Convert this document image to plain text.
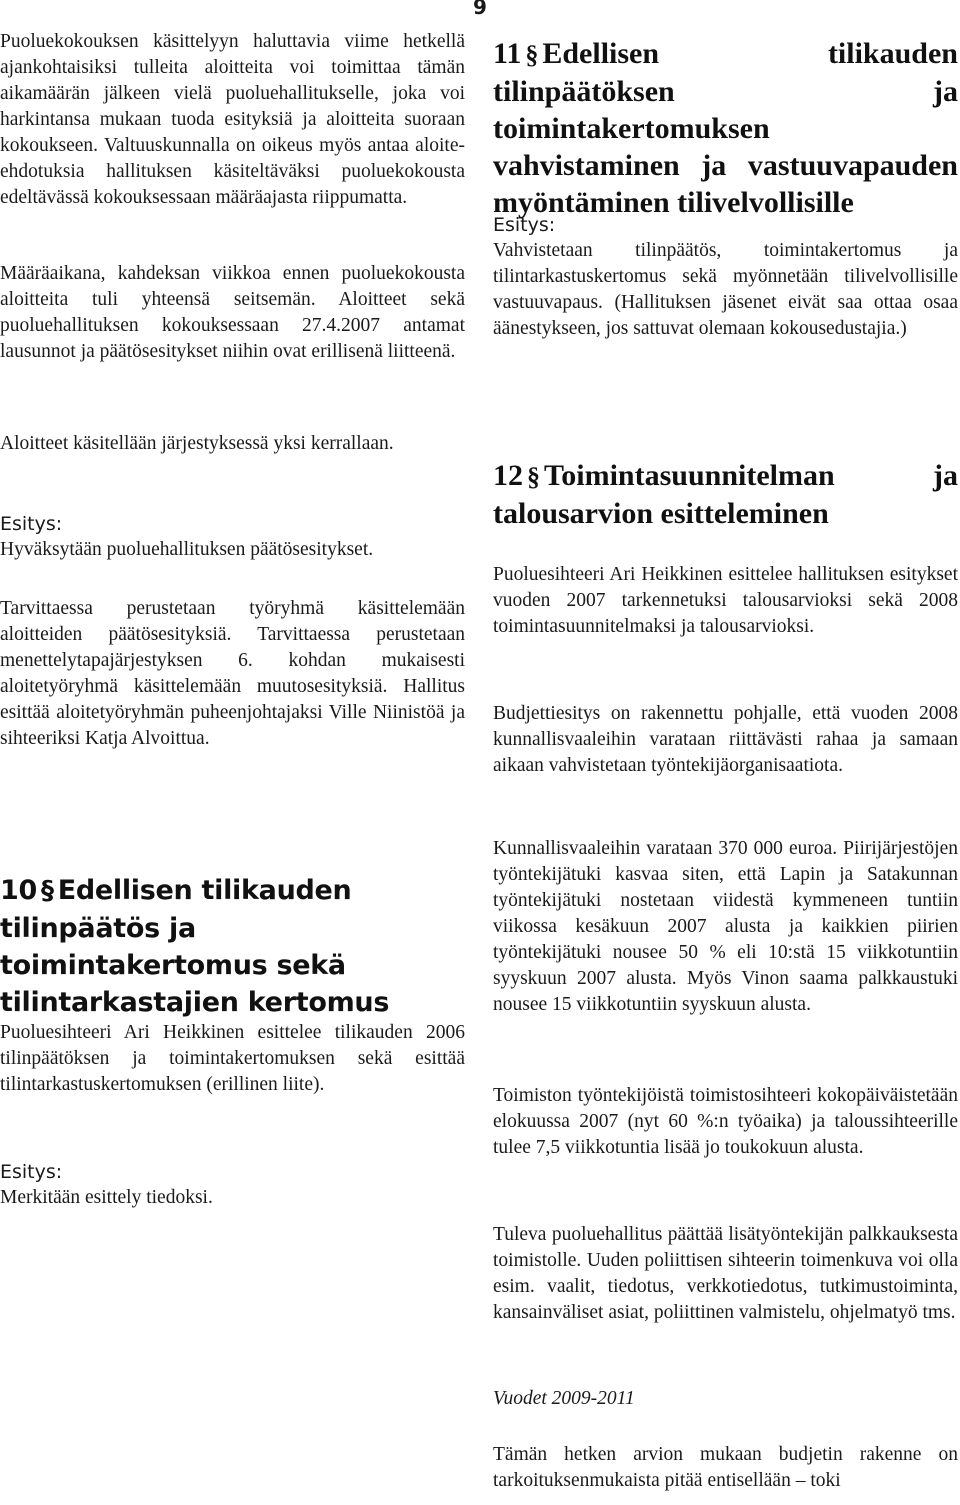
9

Puoluekokouksen käsittelyyn haluttavia viime hetkellä ajankohtaisiksi tulleita aloitteita voi toimittaa tämän aikamäärän jälkeen vielä puoluehallitukselle, joka voi harkintansa mukaan tuoda esityksiä ja aloitteita suoraan kokoukseen. Valtuuskunnalla on oikeus myös antaa aloite-ehdotuksia hallituksen käsiteltäväksi puoluekokousta edeltävässä kokouksessaan määräajasta riippumatta.

Määräaikana, kahdeksan viikkoa ennen puoluekokousta aloitteita tuli yhteensä seitsemän. Aloitteet sekä puoluehallituksen kokouksessaan 27.4.2007 antamat lausunnot ja päätösesitykset niihin ovat erillisenä liitteenä.

Aloitteet käsitellään järjestyksessä yksi kerrallaan.

Esitys:

Hyväksytään puoluehallituksen päätösesitykset.

Tarvittaessa perustetaan työryhmä käsittelemään aloitteiden päätösesityksiä. Tarvittaessa perustetaan menettelytapajärjestyksen 6. kohdan mukaisesti aloitetyöryhmä käsittelemään muutosesityksiä. Hallitus esittää aloitetyöryhmän puheenjohtajaksi Ville Niinistöä ja sihteeriksi Katja Alvoittua.

10 § Edellisen tilikauden tilinpäätös ja toimintakertomus sekä tilintarkastajien kertomus

Puoluesihteeri Ari Heikkinen esittelee tilikauden 2006 tilinpäätöksen ja toimintakertomuksen sekä esittää tilintarkastuskertomuksen (erillinen liite).

Esitys:

Merkitään esittely tiedoksi.

11 § Edellisen tilikauden tilinpäätöksen ja toimintakertomuksen vahvistaminen ja vastuuvapauden myöntäminen tilivelvollisille

Esitys:

Vahvistetaan tilinpäätös, toimintakertomus ja tilintarkastuskertomus sekä myönnetään tilivelvollisille vastuuvapaus. (Hallituksen jäsenet eivät saa ottaa osaa äänestykseen, jos sattuvat olemaan kokousedustajia.)

12 § Toimintasuunnitelman ja talousarvion esitteleminen

Puoluesihteeri Ari Heikkinen esittelee hallituksen esitykset vuoden 2007 tarkennetuksi talousarvioksi sekä 2008 toimintasuunnitelmaksi ja talousarvioksi.

Budjettiesitys on rakennettu pohjalle, että vuoden 2008 kunnallisvaaleihin varataan riittävästi rahaa ja samaan aikaan vahvistetaan työntekijäorganisaatiota.

Kunnallisvaaleihin varataan 370 000 euroa. Piirijärjestöjen työntekijätuki kasvaa siten, että Lapin ja Satakunnan työntekijätuki nostetaan viidestä kymmeneen tuntiin viikossa kesäkuun 2007 alusta ja kaikkien piirien työntekijätuki nousee 50 % eli 10:stä 15 viikkotuntiin syyskuun 2007 alusta. Myös Vinon saama palkkaustuki nousee 15 viikkotuntiin syyskuun alusta.

Toimiston työntekijöistä toimistosihteeri kokopäiväistetään elokuussa 2007 (nyt 60 %:n työaika) ja taloussihteerille tulee 7,5 viikkotuntia lisää jo toukokuun alusta.

Tuleva puoluehallitus päättää lisätyöntekijän palkkauksesta toimistolle. Uuden poliittisen sihteerin toimenkuva voi olla esim. vaalit, tiedotus, verkkotiedotus, tutkimustoiminta, kansainväliset asiat, poliittinen valmistelu, ohjelmatyö tms.

Vuodet 2009-2011

Tämän hetken arvion mukaan budjetin rakenne on tarkoituksenmukaista pitää entisellään – toki
